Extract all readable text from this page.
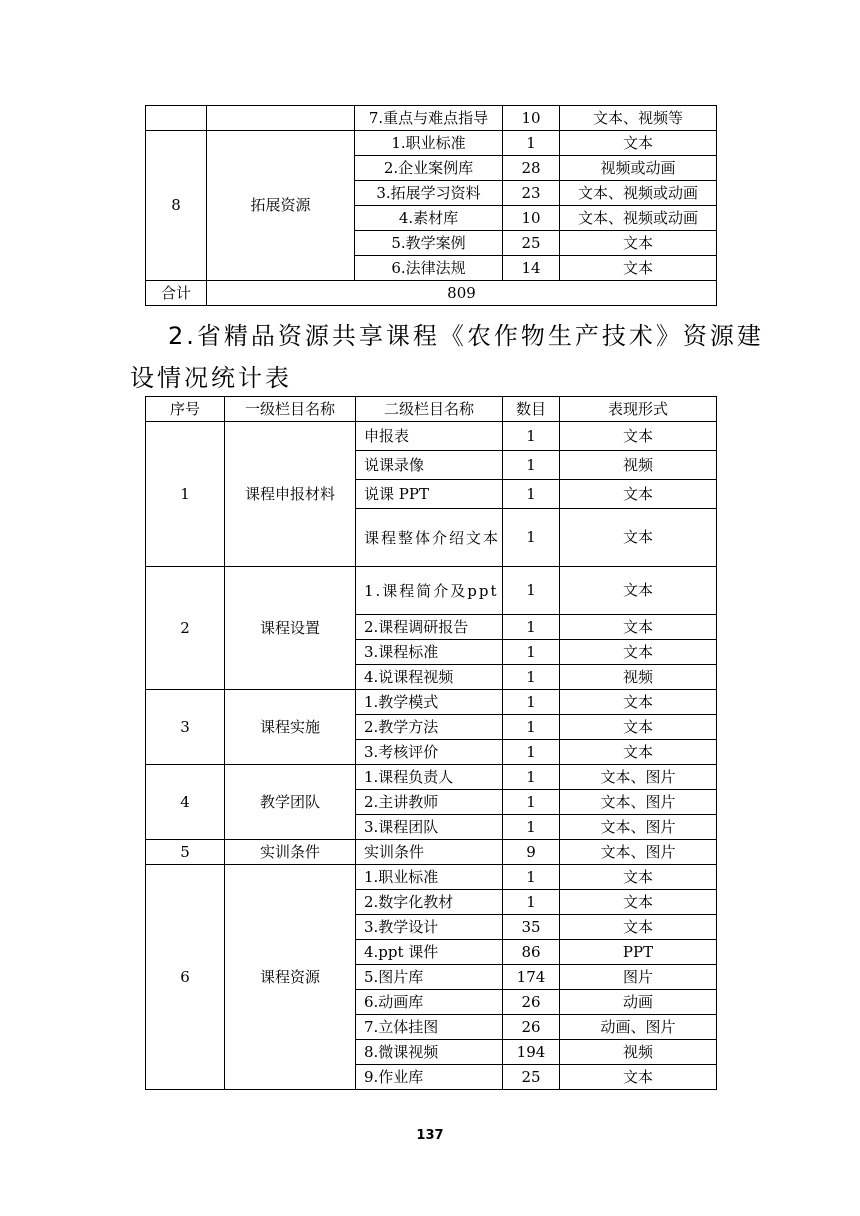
		7.重点与难点指导	10	文本、视频等
8	拓展资源	1.职业标准	1	文本
		2.企业案例库	28	视频或动画
		3.拓展学习资料	23	文本、视频或动画
		4.素材库	10	文本、视频或动画
		5.教学案例	25	文本
		6.法律法规	14	文本
合计	809			
2.省精品资源共享课程《农作物生产技术》资源建
设情况统计表
序号	一级栏目名称	二级栏目名称	数目	表现形式
1	课程申报材料	申报表	1	文本
		说课录像	1	视频
		说课 PPT	1	文本
		课程整体介绍文本	1	文本
2	课程设置	1.课程简介及ppt	1	文本
		2.课程调研报告	1	文本
		3.课程标准	1	文本
		4.说课程视频	1	视频
3	课程实施	1.教学模式	1	文本
		2.教学方法	1	文本
		3.考核评价	1	文本
4	教学团队	1.课程负责人	1	文本、图片
		2.主讲教师	1	文本、图片
		3.课程团队	1	文本、图片
5	实训条件	实训条件	9	文本、图片
6	课程资源	1.职业标准	1	文本
		2.数字化教材	1	文本
		3.教学设计	35	文本
		4.ppt 课件	86	PPT
		5.图片库	174	图片
		6.动画库	26	动画
		7.立体挂图	26	动画、图片
		8.微课视频	194	视频
		9.作业库	25	文本
137
